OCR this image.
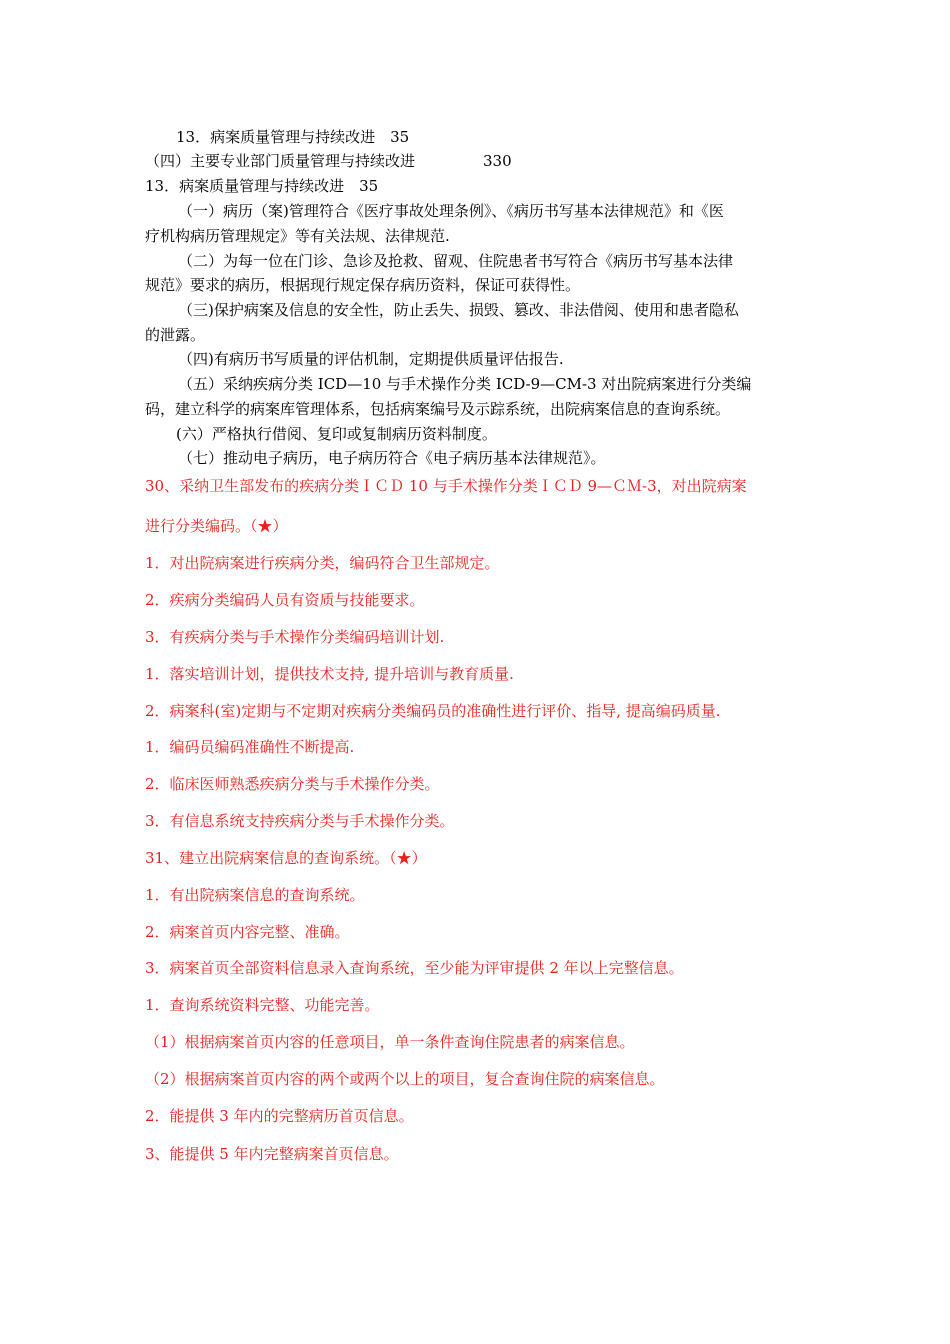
13．病案质量管理与持续改进　35
（四）主要专业部门质量管理与持续改进	330
13．病案质量管理与持续改进　35
（一）病历（案)管理符合《医疗事故处理条例》、《病历书写基本法律规范》和《医
疗机构病历管理规定》等有关法规、法律规范.
（二）为每一位在门诊、急诊及抢救、留观、住院患者书写符合《病历书写基本法律
规范》要求的病历，根据现行规定保存病历资料，保证可获得性。
（三)保护病案及信息的安全性，防止丢失、损毁、篡改、非法借阅、使用和患者隐私
的泄露。
（四)有病历书写质量的评估机制，定期提供质量评估报告.
（五）采纳疾病分类 ICD—10 与手术操作分类 ICD-9—CM-3 对出院病案进行分类编
码，建立科学的病案库管理体系，包括病案编号及示踪系统，出院病案信息的查询系统。
(六）严格执行借阅、复印或复制病历资料制度。
（七）推动电子病历，电子病历符合《电子病历基本法律规范》。
30、采纳卫生部发布的疾病分类ＩＣＤ 10 与手术操作分类ＩＣＤ 9—ＣＭ-3，对出院病案
进行分类编码。（★）
1．对出院病案进行疾病分类，编码符合卫生部规定。
2．疾病分类编码人员有资质与技能要求。
3．有疾病分类与手术操作分类编码培训计划.
1．落实培训计划，提供技术支持, 提升培训与教育质量.
2．病案科(室)定期与不定期对疾病分类编码员的准确性进行评价、指导, 提高编码质量.
1．编码员编码准确性不断提高.
2．临床医师熟悉疾病分类与手术操作分类。
3．有信息系统支持疾病分类与手术操作分类。
31、建立出院病案信息的查询系统。（★）
1．有出院病案信息的查询系统。
2．病案首页内容完整、准确。
3．病案首页全部资料信息录入查询系统，至少能为评审提供 2 年以上完整信息。
1．查询系统资料完整、功能完善。
（1）根据病案首页内容的任意项目，单一条件查询住院患者的病案信息。
（2）根据病案首页内容的两个或两个以上的项目，复合查询住院的病案信息。
2．能提供 3 年内的完整病历首页信息。
3、能提供 5 年内完整病案首页信息。
